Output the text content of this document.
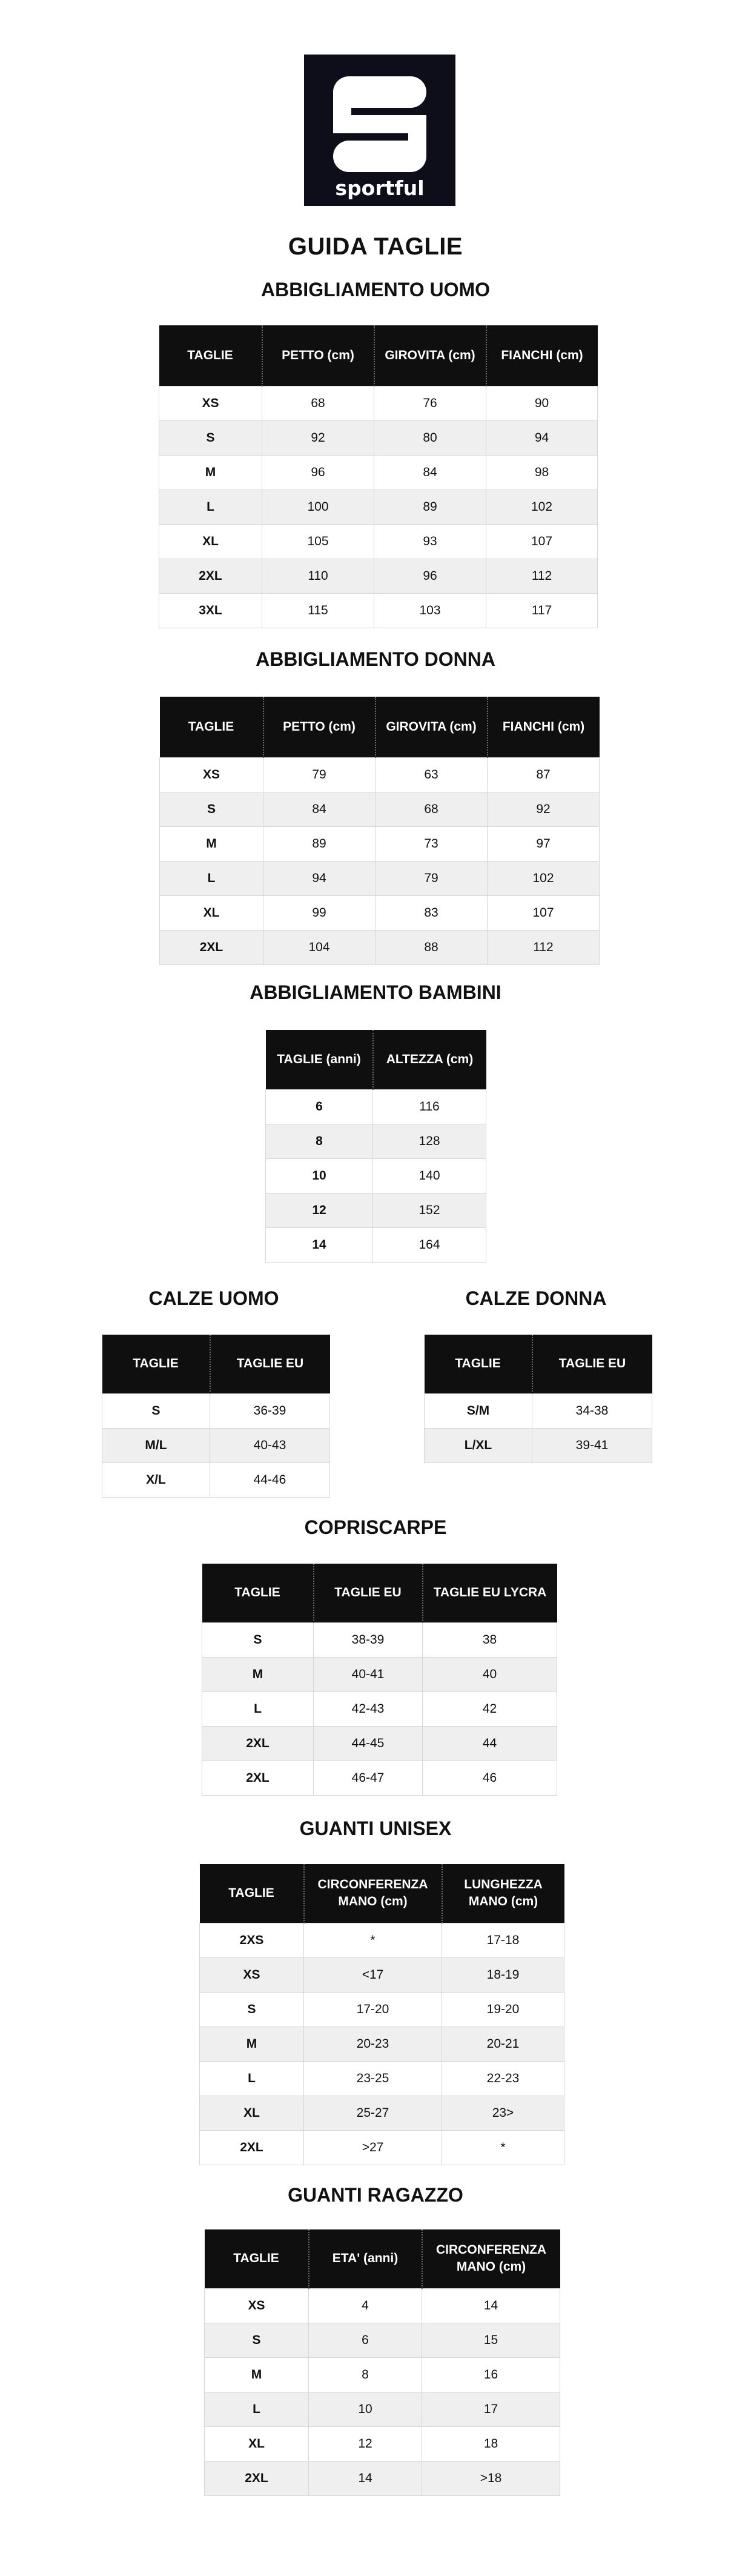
sportful
GUIDA TAGLIE
ABBIGLIAMENTO UOMO
TAGLIE	PETTO (cm)	GIROVITA (cm)	FIANCHI (cm)
XS	68	76	90
S	92	80	94
M	96	84	98
L	100	89	102
XL	105	93	107
2XL	110	96	112
3XL	115	103	117
ABBIGLIAMENTO DONNA
TAGLIE	PETTO (cm)	GIROVITA (cm)	FIANCHI (cm)
XS	79	63	87
S	84	68	92
M	89	73	97
L	94	79	102
XL	99	83	107
2XL	104	88	112
ABBIGLIAMENTO BAMBINI
TAGLIE (anni)	ALTEZZA (cm)
6	116
8	128
10	140
12	152
14	164
CALZE UOMO
TAGLIE	TAGLIE EU
S	36-39
M/L	40-43
X/L	44-46
CALZE DONNA
TAGLIE	TAGLIE EU
S/M	34-38
L/XL	39-41
COPRISCARPE
TAGLIE	TAGLIE EU	TAGLIE EU LYCRA
S	38-39	38
M	40-41	40
L	42-43	42
2XL	44-45	44
2XL	46-47	46
GUANTI UNISEX
TAGLIE	CIRCONFERENZA MANO (cm)	LUNGHEZZA MANO (cm)
2XS	*	17-18
XS	<17	18-19
S	17-20	19-20
M	20-23	20-21
L	23-25	22-23
XL	25-27	23>
2XL	>27	*
GUANTI RAGAZZO
TAGLIE	ETA' (anni)	CIRCONFERENZA MANO (cm)
XS	4	14
S	6	15
M	8	16
L	10	17
XL	12	18
2XL	14	>18
